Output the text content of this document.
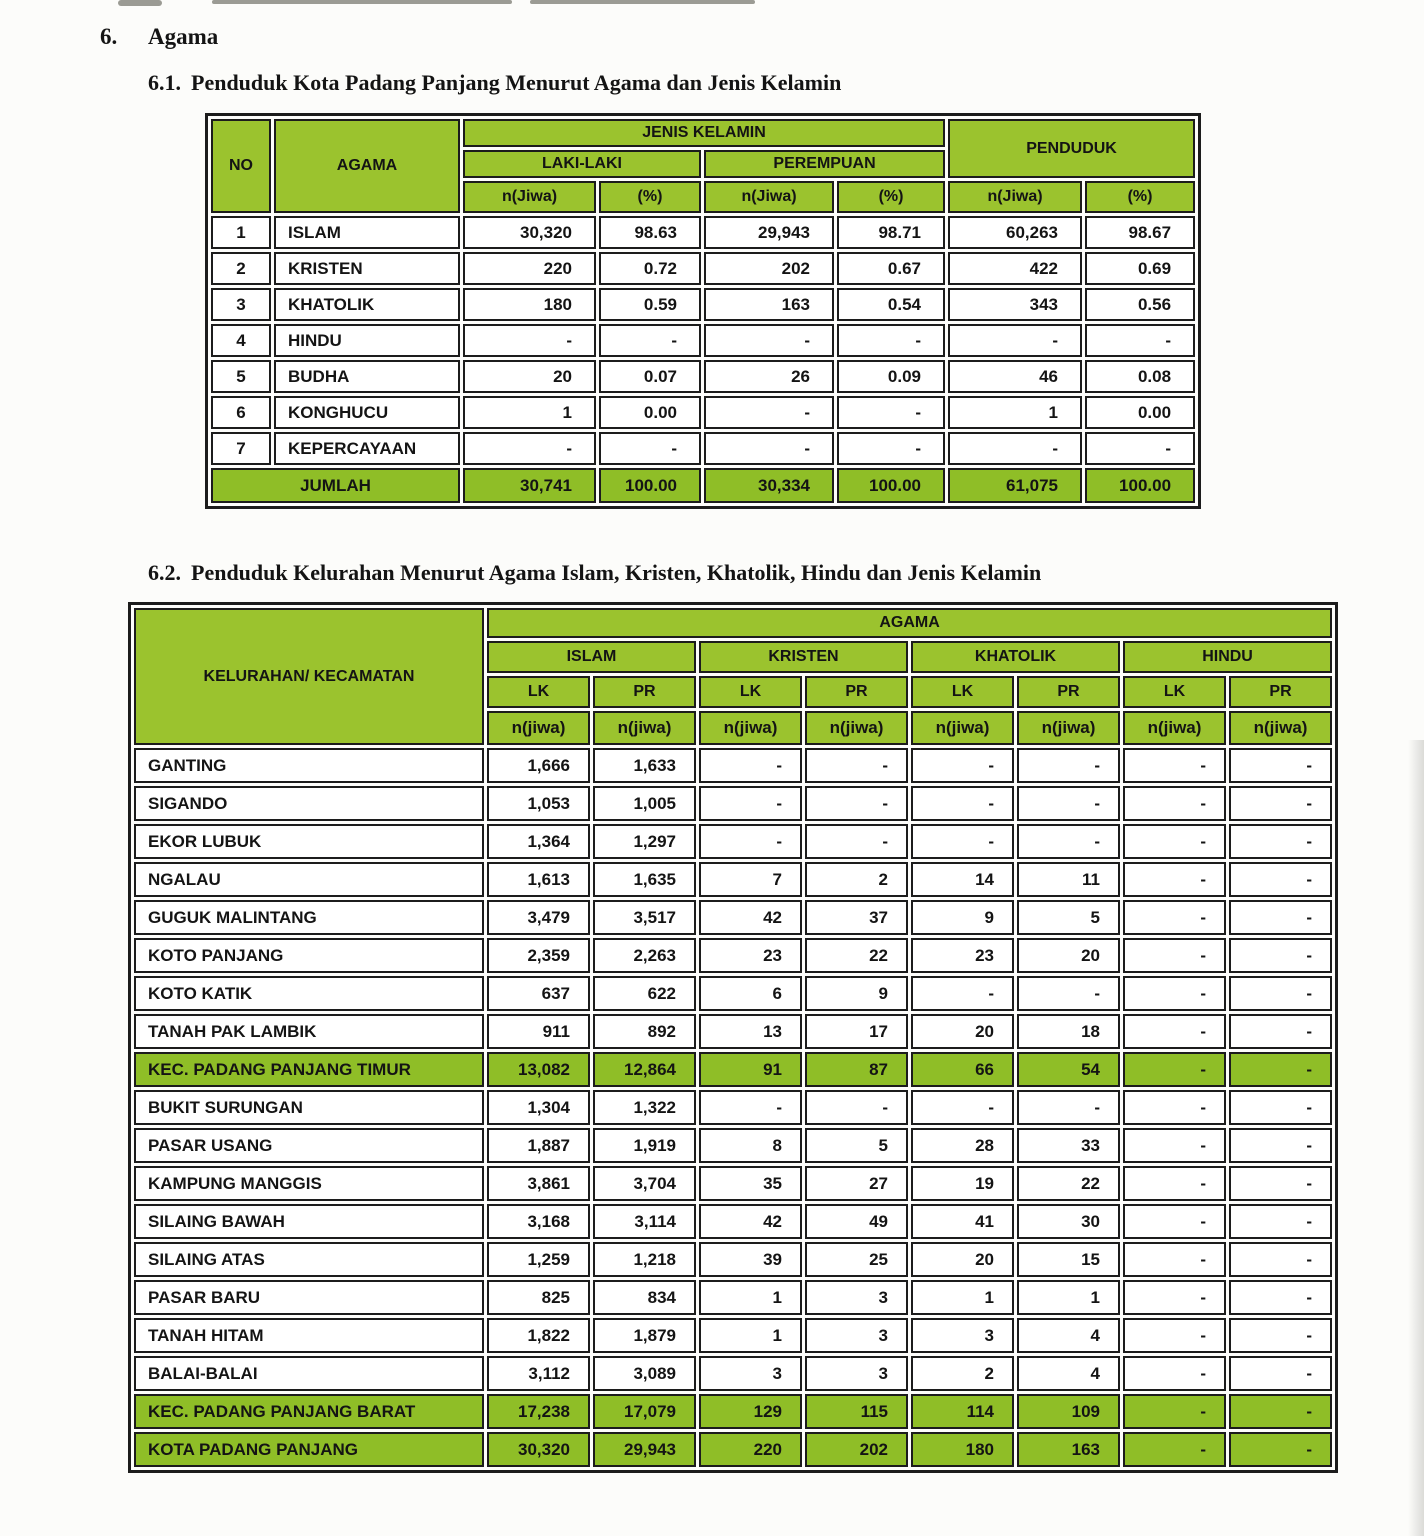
6. Agama
6.1. Penduduk Kota Padang Panjang Menurut Agama dan Jenis Kelamin
NO	AGAMA	JENIS KELAMIN				PENDUDUK	
		LAKI-LAKI		PEREMPUAN			
		n(Jiwa)	(%)	n(Jiwa)	(%)	n(Jiwa)	(%)
1	ISLAM	30,320	98.63	29,943	98.71	60,263	98.67
2	KRISTEN	220	0.72	202	0.67	422	0.69
3	KHATOLIK	180	0.59	163	0.54	343	0.56
4	HINDU	-	-	-	-	-	-
5	BUDHA	20	0.07	26	0.09	46	0.08
6	KONGHUCU	1	0.00	-	-	1	0.00
7	KEPERCAYAAN	-	-	-	-	-	-
JUMLAH		30,741	100.00	30,334	100.00	61,075	100.00
6.2. Penduduk Kelurahan Menurut Agama Islam, Kristen, Khatolik, Hindu dan Jenis Kelamin
KELURAHAN/ KECAMATAN	AGAMA							
	ISLAM		KRISTEN		KHATOLIK		HINDU	
	LK	PR	LK	PR	LK	PR	LK	PR
	n(jiwa)	n(jiwa)	n(jiwa)	n(jiwa)	n(jiwa)	n(jiwa)	n(jiwa)	n(jiwa)
GANTING	1,666	1,633	-	-	-	-	-	-
SIGANDO	1,053	1,005	-	-	-	-	-	-
EKOR LUBUK	1,364	1,297	-	-	-	-	-	-
NGALAU	1,613	1,635	7	2	14	11	-	-
GUGUK MALINTANG	3,479	3,517	42	37	9	5	-	-
KOTO PANJANG	2,359	2,263	23	22	23	20	-	-
KOTO KATIK	637	622	6	9	-	-	-	-
TANAH PAK LAMBIK	911	892	13	17	20	18	-	-
KEC. PADANG PANJANG TIMUR	13,082	12,864	91	87	66	54	-	-
BUKIT SURUNGAN	1,304	1,322	-	-	-	-	-	-
PASAR USANG	1,887	1,919	8	5	28	33	-	-
KAMPUNG MANGGIS	3,861	3,704	35	27	19	22	-	-
SILAING BAWAH	3,168	3,114	42	49	41	30	-	-
SILAING ATAS	1,259	1,218	39	25	20	15	-	-
PASAR BARU	825	834	1	3	1	1	-	-
TANAH HITAM	1,822	1,879	1	3	3	4	-	-
BALAI-BALAI	3,112	3,089	3	3	2	4	-	-
KEC. PADANG PANJANG BARAT	17,238	17,079	129	115	114	109	-	-
KOTA PADANG PANJANG	30,320	29,943	220	202	180	163	-	-
